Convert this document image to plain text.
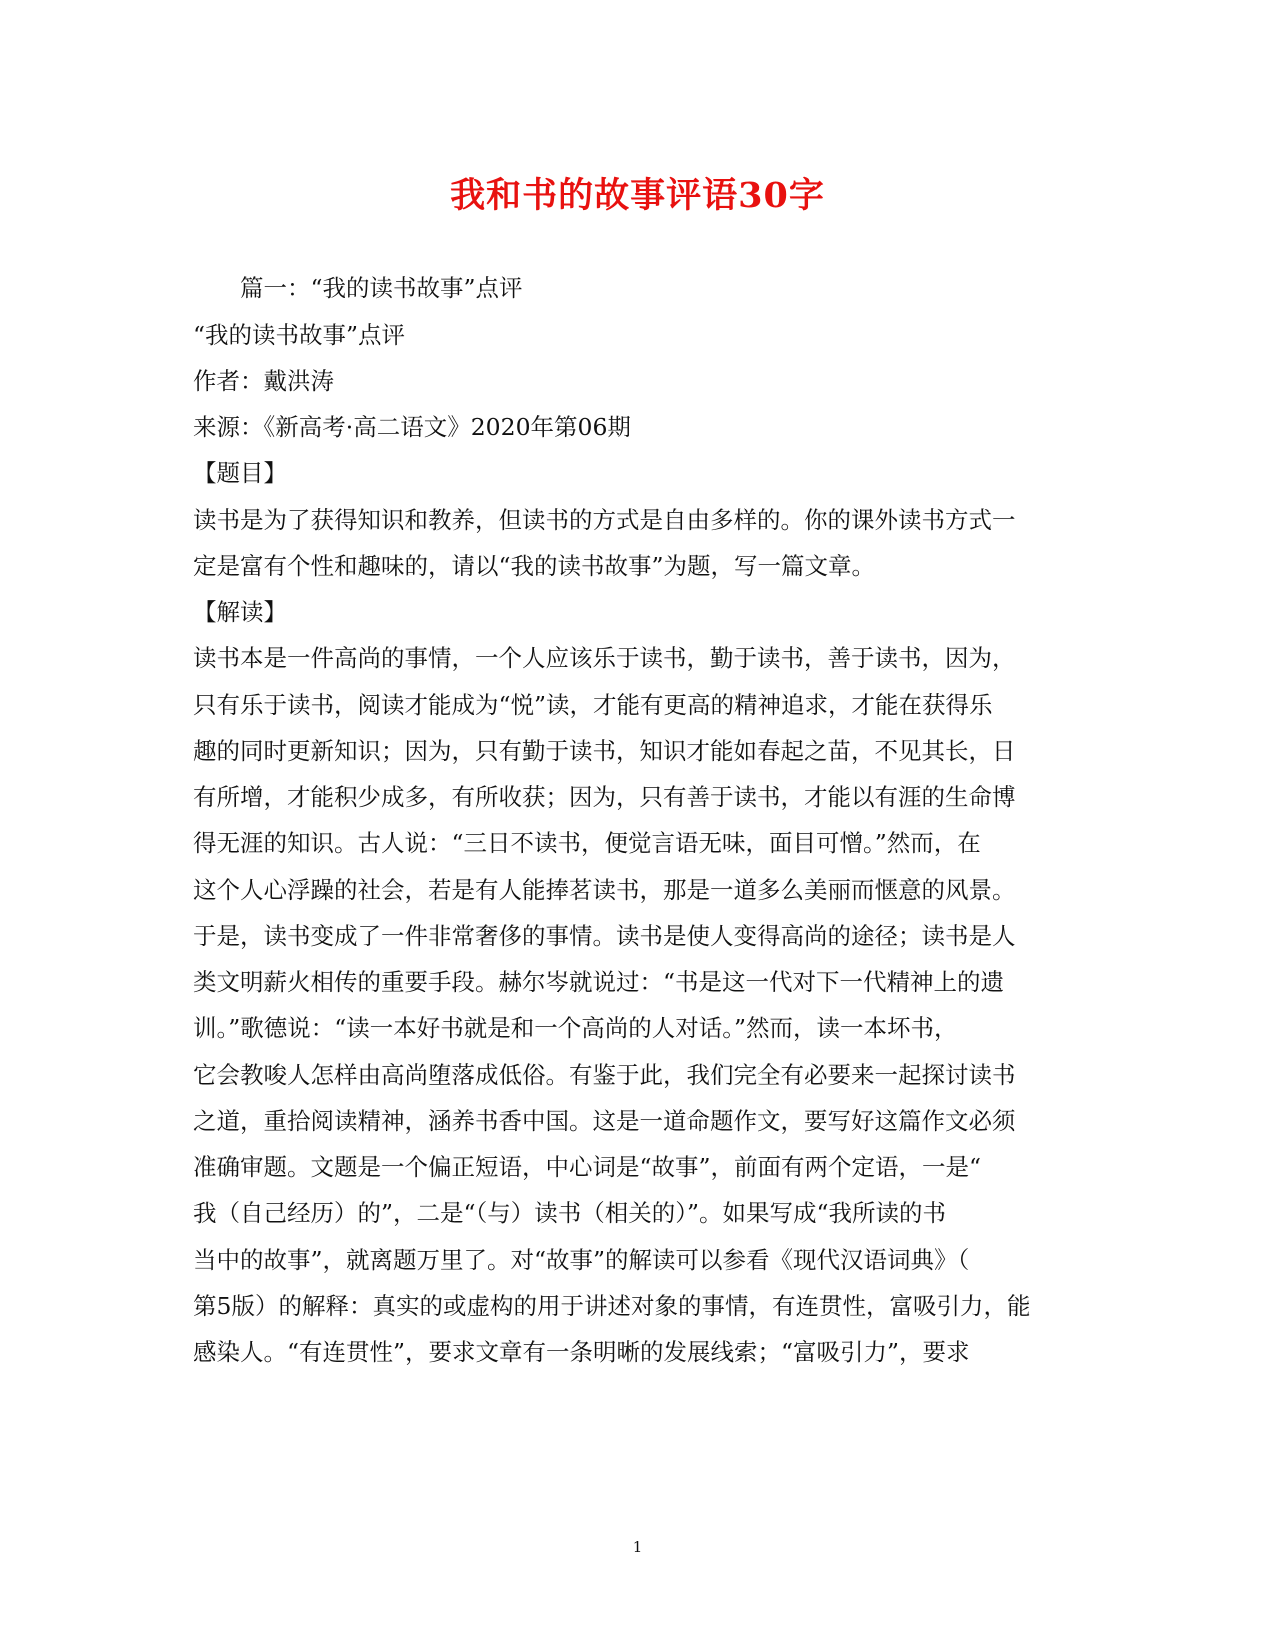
我和书的故事评语30字

　　篇一：“我的读书故事”点评

“我的读书故事”点评

作者：戴洪涛

来源：《新高考·高二语文》2020年第06期

【题目】

读书是为了获得知识和教养，但读书的方式是自由多样的。你的课外读书方式一

定是富有个性和趣味的，请以“我的读书故事”为题，写一篇文章。

【解读】

读书本是一件高尚的事情，一个人应该乐于读书，勤于读书，善于读书，因为，

只有乐于读书，阅读才能成为“悦”读，才能有更高的精神追求，才能在获得乐

趣的同时更新知识；因为，只有勤于读书，知识才能如春起之苗，不见其长，日

有所增，才能积少成多，有所收获；因为，只有善于读书，才能以有涯的生命博

得无涯的知识。古人说：“三日不读书，便觉言语无味，面目可憎。”然而，在

这个人心浮躁的社会，若是有人能捧茗读书，那是一道多么美丽而惬意的风景。

于是，读书变成了一件非常奢侈的事情。读书是使人变得高尚的途径；读书是人

类文明薪火相传的重要手段。赫尔岑就说过：“书是这一代对下一代精神上的遗

训。”歌德说：“读一本好书就是和一个高尚的人对话。”然而，读一本坏书，

它会教唆人怎样由高尚堕落成低俗。有鉴于此，我们完全有必要来一起探讨读书

之道，重拾阅读精神，涵养书香中国。这是一道命题作文，要写好这篇作文必须

准确审题。文题是一个偏正短语，中心词是“故事”，前面有两个定语，一是“

我（自己经历）的”，二是“（与）读书（相关的）”。如果写成“我所读的书

当中的故事”，就离题万里了。对“故事”的解读可以参看《现代汉语词典》（

第5版）的解释：真实的或虚构的用于讲述对象的事情，有连贯性，富吸引力，能

感染人。“有连贯性”，要求文章有一条明晰的发展线索；“富吸引力”，要求

1
